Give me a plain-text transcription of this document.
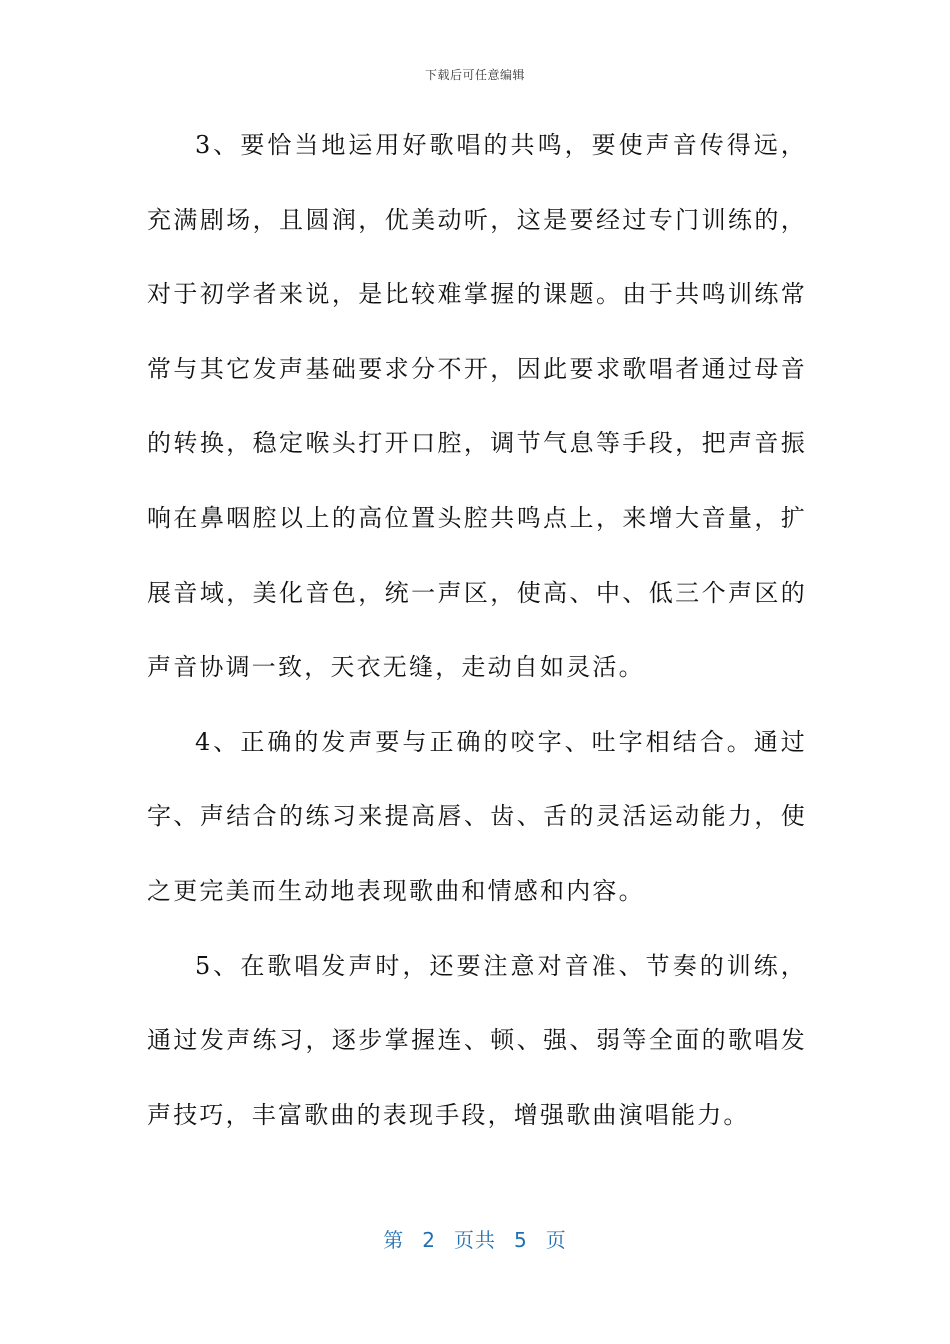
下载后可任意编辑

3、要恰当地运用好歌唱的共鸣，要使声音传得远，充满剧场，且圆润，优美动听，这是要经过专门训练的，对于初学者来说，是比较难掌握的课题。由于共鸣训练常常与其它发声基础要求分不开，因此要求歌唱者通过母音的转换，稳定喉头打开口腔，调节气息等手段，把声音振响在鼻咽腔以上的高位置头腔共鸣点上，来增大音量，扩展音域，美化音色，统一声区，使高、中、低三个声区的声音协调一致，天衣无缝，走动自如灵活。

4、正确的发声要与正确的咬字、吐字相结合。通过字、声结合的练习来提高唇、齿、舌的灵活运动能力，使之更完美而生动地表现歌曲和情感和内容。

5、在歌唱发声时，还要注意对音准、节奏的训练，通过发声练习，逐步掌握连、顿、强、弱等全面的歌唱发声技巧，丰富歌曲的表现手段，增强歌曲演唱能力。

第 2 页共 5 页
